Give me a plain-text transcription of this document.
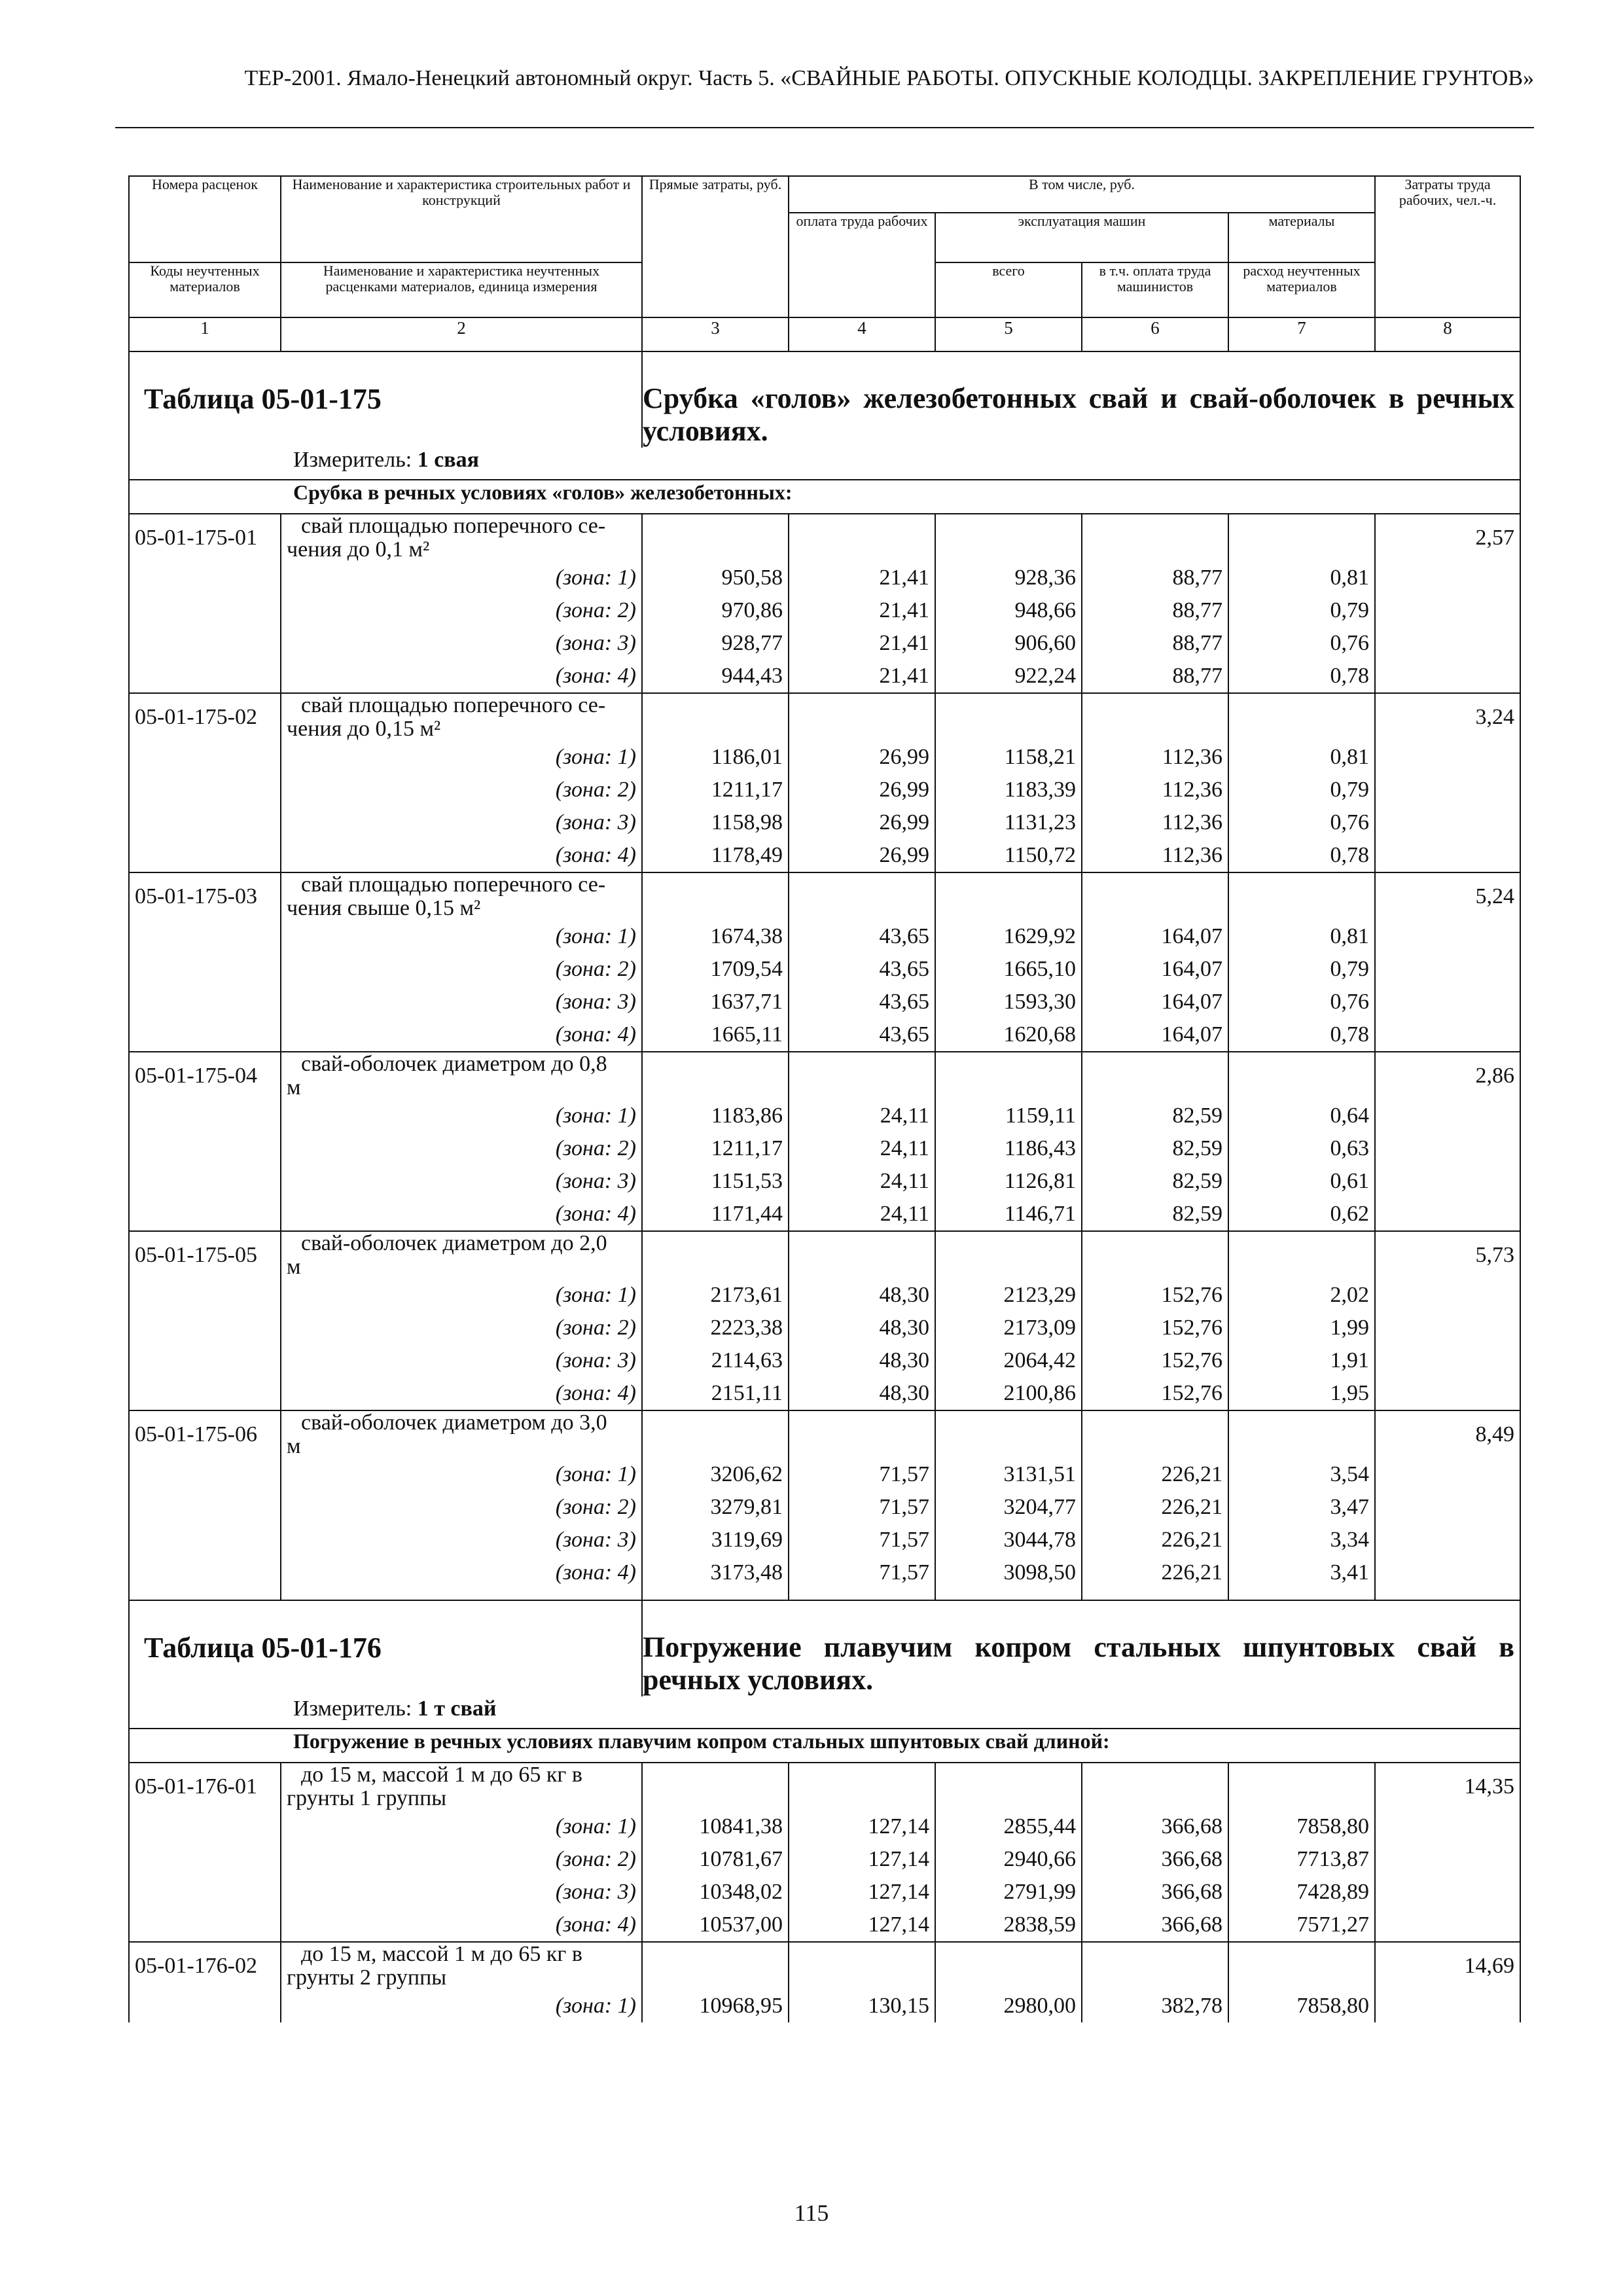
ТЕР-2001. Ямало-Ненецкий автономный округ. Часть 5. «СВАЙНЫЕ РАБОТЫ. ОПУСКНЫЕ КОЛОДЦЫ. ЗАКРЕПЛЕНИЕ ГРУНТОВ»
Номера расценок	Наименование и характеристика строительных работ и конструкций	Прямые затраты, руб.	В том числе, руб.				Затраты труда рабочих, чел.-ч.
			оплата труда рабочих	эксплуатация машин		материалы	
Коды неучтенных материалов	Наименование и характеристика неучтенных расценками материалов, единица измерения			всего	в т.ч. оплата труда машинистов	расход неучтенных материалов	
1	2	3	4	5	6	7	8
Таблица 05-01-175		Срубка «голов» железобетонных свай и свай-оболочек в речных условиях.					
Измеритель: 1 свая							
Срубка в речных условиях «голов» железобетонных:							
05-01-175-01	свай площадью поперечного се-
чения до 0,1 м²						2,57
	(зона: 1)	950,58	21,41	928,36	88,77	0,81	
	(зона: 2)	970,86	21,41	948,66	88,77	0,79	
	(зона: 3)	928,77	21,41	906,60	88,77	0,76	
	(зона: 4)	944,43	21,41	922,24	88,77	0,78	
05-01-175-02	свай площадью поперечного се-
чения до 0,15 м²						3,24
	(зона: 1)	1186,01	26,99	1158,21	112,36	0,81	
	(зона: 2)	1211,17	26,99	1183,39	112,36	0,79	
	(зона: 3)	1158,98	26,99	1131,23	112,36	0,76	
	(зона: 4)	1178,49	26,99	1150,72	112,36	0,78	
05-01-175-03	свай площадью поперечного се-
чения свыше 0,15 м²						5,24
	(зона: 1)	1674,38	43,65	1629,92	164,07	0,81	
	(зона: 2)	1709,54	43,65	1665,10	164,07	0,79	
	(зона: 3)	1637,71	43,65	1593,30	164,07	0,76	
	(зона: 4)	1665,11	43,65	1620,68	164,07	0,78	
05-01-175-04	свай-оболочек диаметром до 0,8
м						2,86
	(зона: 1)	1183,86	24,11	1159,11	82,59	0,64	
	(зона: 2)	1211,17	24,11	1186,43	82,59	0,63	
	(зона: 3)	1151,53	24,11	1126,81	82,59	0,61	
	(зона: 4)	1171,44	24,11	1146,71	82,59	0,62	
05-01-175-05	свай-оболочек диаметром до 2,0
м						5,73
	(зона: 1)	2173,61	48,30	2123,29	152,76	2,02	
	(зона: 2)	2223,38	48,30	2173,09	152,76	1,99	
	(зона: 3)	2114,63	48,30	2064,42	152,76	1,91	
	(зона: 4)	2151,11	48,30	2100,86	152,76	1,95	
05-01-175-06	свай-оболочек диаметром до 3,0
м						8,49
	(зона: 1)	3206,62	71,57	3131,51	226,21	3,54	
	(зона: 2)	3279,81	71,57	3204,77	226,21	3,47	
	(зона: 3)	3119,69	71,57	3044,78	226,21	3,34	
	(зона: 4)	3173,48	71,57	3098,50	226,21	3,41	

Таблица 05-01-176		Погружение плавучим копром стальных шпунтовых свай в речных условиях.					
Измеритель: 1 т свай							
Погружение в речных условиях плавучим копром стальных шпунтовых свай длиной:							
05-01-176-01	до 15 м, массой 1 м до 65 кг в
грунты 1 группы						14,35
	(зона: 1)	10841,38	127,14	2855,44	366,68	7858,80	
	(зона: 2)	10781,67	127,14	2940,66	366,68	7713,87	
	(зона: 3)	10348,02	127,14	2791,99	366,68	7428,89	
	(зона: 4)	10537,00	127,14	2838,59	366,68	7571,27	
05-01-176-02	до 15 м, массой 1 м до 65 кг в
грунты 2 группы						14,69
	(зона: 1)	10968,95	130,15	2980,00	382,78	7858,80	
115
